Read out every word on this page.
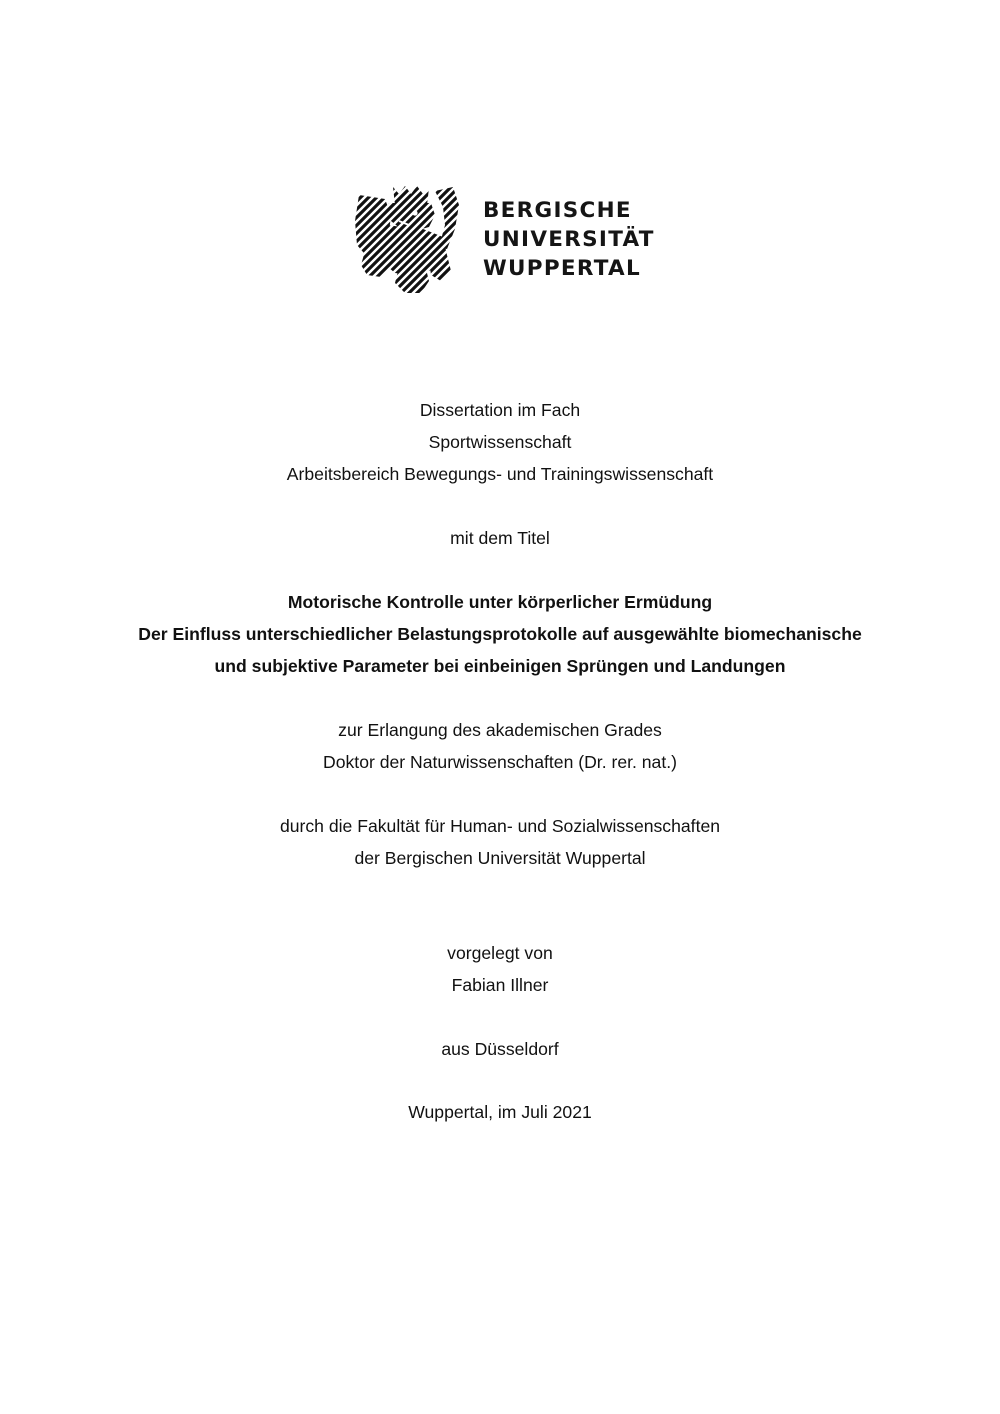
BERGISCHE
UNIVERSITÄT
WUPPERTAL
Dissertation im Fach
Sportwissenschaft
Arbeitsbereich Bewegungs- und Trainingswissenschaft
mit dem Titel
Motorische Kontrolle unter körperlicher Ermüdung
Der Einfluss unterschiedlicher Belastungsprotokolle auf ausgewählte biomechanische
und subjektive Parameter bei einbeinigen Sprüngen und Landungen
zur Erlangung des akademischen Grades
Doktor der Naturwissenschaften (Dr. rer. nat.)
durch die Fakultät für Human- und Sozialwissenschaften
der Bergischen Universität Wuppertal
vorgelegt von
Fabian Illner
aus Düsseldorf
Wuppertal, im Juli 2021
